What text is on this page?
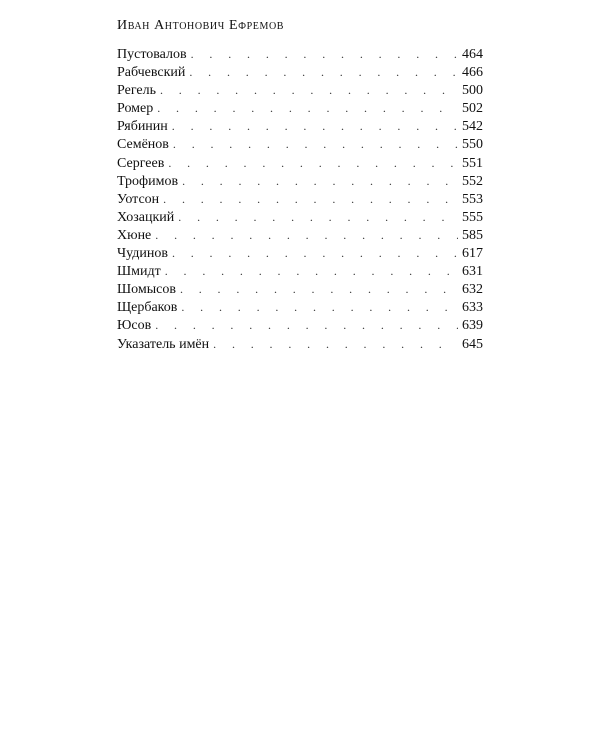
Иван Антонович Ефремов
Пустовалов . . .	464
Рабчевский . . .	466
Регель . . .	500
Ромер . . .	502
Рябинин . . .	542
Семёнов . . .	550
Сергеев . . .	551
Трофимов . . .	552
Уотсон . . .	553
Хозацкий . . .	555
Хюне . . .	585
Чудинов . . .	617
Шмидт . . .	631
Шомысов . . .	632
Щербаков . . .	633
Юсов . . .	639
Указатель имён . . .	645
